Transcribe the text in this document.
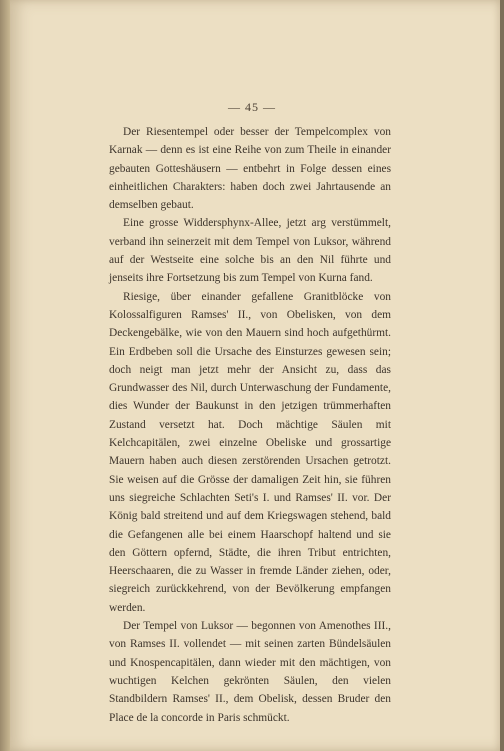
— 45 —

Der Riesentempel oder besser der Tempelcomplex von Karnak — denn es ist eine Reihe von zum Theile in einander gebauten Gotteshäusern — entbehrt in Folge dessen eines einheitlichen Charakters: haben doch zwei Jahrtausende an demselben gebaut.

Eine grosse Widdersphynx-Allee, jetzt arg verstümmelt, verband ihn seinerzeit mit dem Tempel von Luksor, während auf der Westseite eine solche bis an den Nil führte und jenseits ihre Fortsetzung bis zum Tempel von Kurna fand.

Riesige, über einander gefallene Granitblöcke von Kolossalfiguren Ramses' II., von Obelisken, von dem Deckengebälke, wie von den Mauern sind hoch aufgethürmt. Ein Erdbeben soll die Ursache des Einsturzes gewesen sein; doch neigt man jetzt mehr der Ansicht zu, dass das Grundwasser des Nil, durch Unterwaschung der Fundamente, dies Wunder der Baukunst in den jetzigen trümmerhaften Zustand versetzt hat. Doch mächtige Säulen mit Kelchcapitälen, zwei einzelne Obeliske und grossartige Mauern haben auch diesen zerstörenden Ursachen getrotzt. Sie weisen auf die Grösse der damaligen Zeit hin, sie führen uns siegreiche Schlachten Seti's I. und Ramses' II. vor. Der König bald streitend und auf dem Kriegswagen stehend, bald die Gefangenen alle bei einem Haarschopf haltend und sie den Göttern opfernd, Städte, die ihren Tribut entrichten, Heerschaaren, die zu Wasser in fremde Länder ziehen, oder, siegreich zurückkehrend, von der Bevölkerung empfangen werden.

Der Tempel von Luksor — begonnen von Amenothes III., von Ramses II. vollendet — mit seinen zarten Bündelsäulen und Knospencapitälen, dann wieder mit den mächtigen, von wuchtigen Kelchen gekrönten Säulen, den vielen Standbildern Ramses' II., dem Obelisk, dessen Bruder den Place de la concorde in Paris schmückt.
